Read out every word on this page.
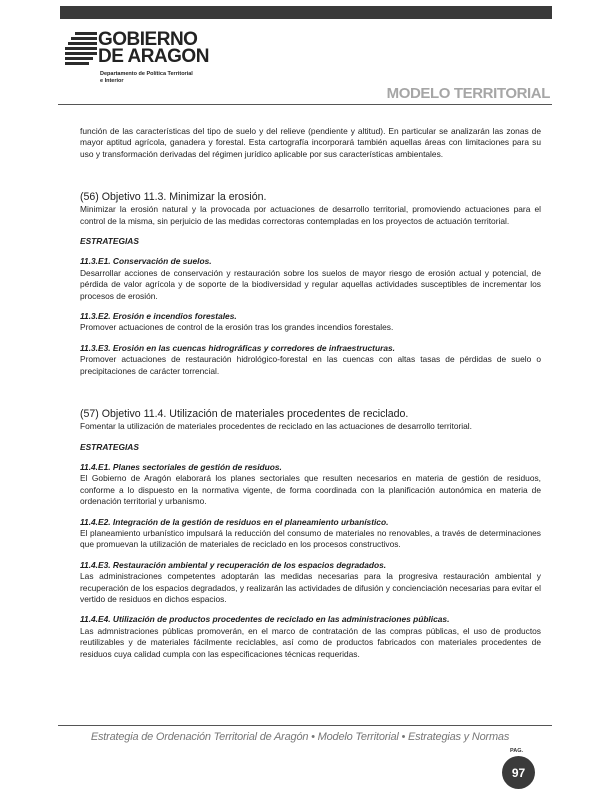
GOBIERNO
DE ARAGON
Departamento de Política Territorial
e Interior
MODELO TERRITORIAL

función de las características del tipo de suelo y del relieve (pendiente y altitud). En particular se analizarán las zonas de mayor aptitud agrícola, ganadera y forestal. Esta cartografía incorporará también aquellas áreas con limitaciones para su uso y transformación derivadas del régimen jurídico aplicable por sus características ambientales.

(56) Objetivo 11.3. Minimizar la erosión.

Minimizar la erosión natural y la provocada por actuaciones de desarrollo territorial, promoviendo actuaciones para el control de la misma, sin perjuicio de las medidas correctoras contempladas en los proyectos de actuación territorial.

ESTRATEGIAS

11.3.E1. Conservación de suelos.

Desarrollar acciones de conservación y restauración sobre los suelos de mayor riesgo de erosión actual y potencial, de pérdida de valor agrícola y de soporte de la biodiversidad y regular aquellas actividades susceptibles de incrementar los procesos de erosión.

11.3.E2. Erosión e incendios forestales.

Promover actuaciones de control de la erosión tras los grandes incendios forestales.

11.3.E3. Erosión en las cuencas hidrográficas y corredores de infraestructuras.

Promover actuaciones de restauración hidrológico-forestal en las cuencas con altas tasas de pérdidas de suelo o precipitaciones de carácter torrencial.

(57) Objetivo 11.4. Utilización de materiales procedentes de reciclado.

Fomentar la utilización de materiales procedentes de reciclado en las actuaciones de desarrollo territorial.

ESTRATEGIAS

11.4.E1. Planes sectoriales de gestión de residuos.

El Gobierno de Aragón elaborará los planes sectoriales que resulten necesarios en materia de gestión de residuos, conforme a lo dispuesto en la normativa vigente, de forma coordinada con la planificación autonómica en materia de ordenación territorial y urbanismo.

11.4.E2. Integración de la gestión de residuos en el planeamiento urbanístico.

El planeamiento urbanístico impulsará la reducción del consumo de materiales no renovables, a través de determinaciones que promuevan la utilización de materiales de reciclado en los procesos constructivos.

11.4.E3. Restauración ambiental y recuperación de los espacios degradados.

Las administraciones competentes adoptarán las medidas necesarias para la progresiva restauración ambiental y recuperación de los espacios degradados, y realizarán las actividades de difusión y concienciación necesarias para evitar el vertido de residuos en dichos espacios.

11.4.E4. Utilización de productos procedentes de reciclado en las administraciones públicas.

Las admnistraciones públicas promoverán, en el marco de contratación de las compras públicas, el uso de productos reutilizables y de materiales fácilmente reciclables, así como de productos fabricados con materiales procedentes de residuos cuya calidad cumpla con las especificaciones técnicas requeridas.

Estrategia de Ordenación Territorial de Aragón • Modelo Territorial • Estrategias y Normas
PAG.
97
